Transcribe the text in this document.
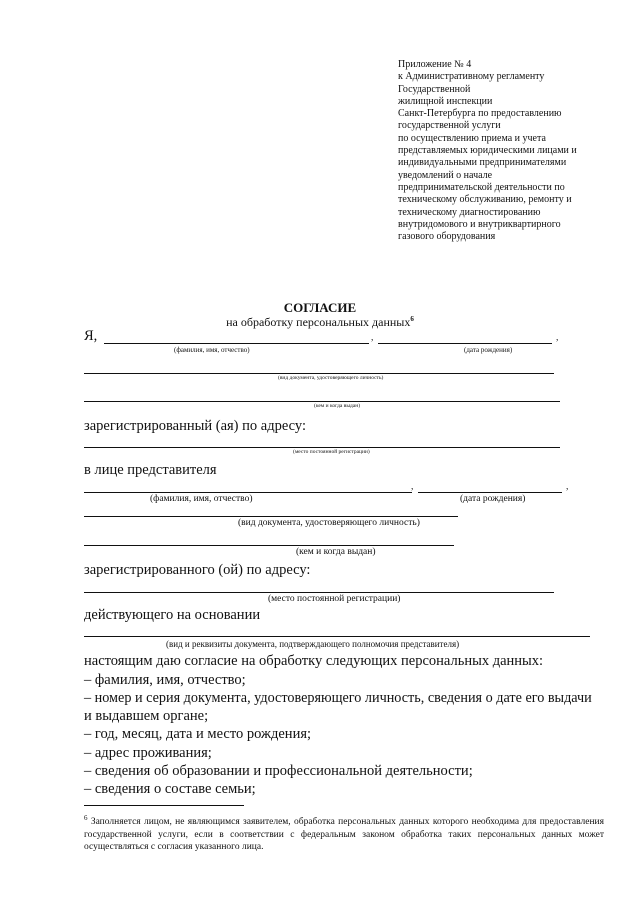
Приложение № 4
к Административному регламенту
Государственной
жилищной инспекции
Санкт-Петербурга по предоставлению
государственной услуги
по осуществлению приема и учета
представляемых юридическими лицами и
индивидуальными предпринимателями
уведомлений о начале
предпринимательской деятельности по
техническому обслуживанию, ремонту и
техническому диагностированию
внутридомового и внутриквартирного
газового оборудования
СОГЛАСИЕ
на обработку персональных данных$^6$
Я,	,	,
(фамилия, имя, отчество)	(дата рождения)
(вид документа, удостоверяющего личность)
(кем и когда выдан)
зарегистрированный (ая) по адресу:
(место постоянной регистрации)
в лице представителя
,	,
(фамилия, имя, отчество)	(дата рождения)
(вид документа, удостоверяющего личность)
(кем и когда выдан)
зарегистрированного (ой) по адресу:
(место постоянной регистрации)
действующего на основании
(вид и реквизиты документа, подтверждающего полномочия представителя)
настоящим даю согласие на обработку следующих персональных данных:
– фамилия, имя, отчество;
– номер и серия документа, удостоверяющего личность, сведения о дате его выдачи
и выдавшем органе;
– год, месяц, дата и место рождения;
– адрес проживания;
– сведения об образовании и профессиональной деятельности;
– сведения о составе семьи;
$^6$ Заполняется лицом, не являющимся заявителем, обработка персональных данных которого необходима для предоставления государственной услуги, если в соответствии с федеральным законом обработка таких персональных данных может осуществляться с согласия указанного лица.
